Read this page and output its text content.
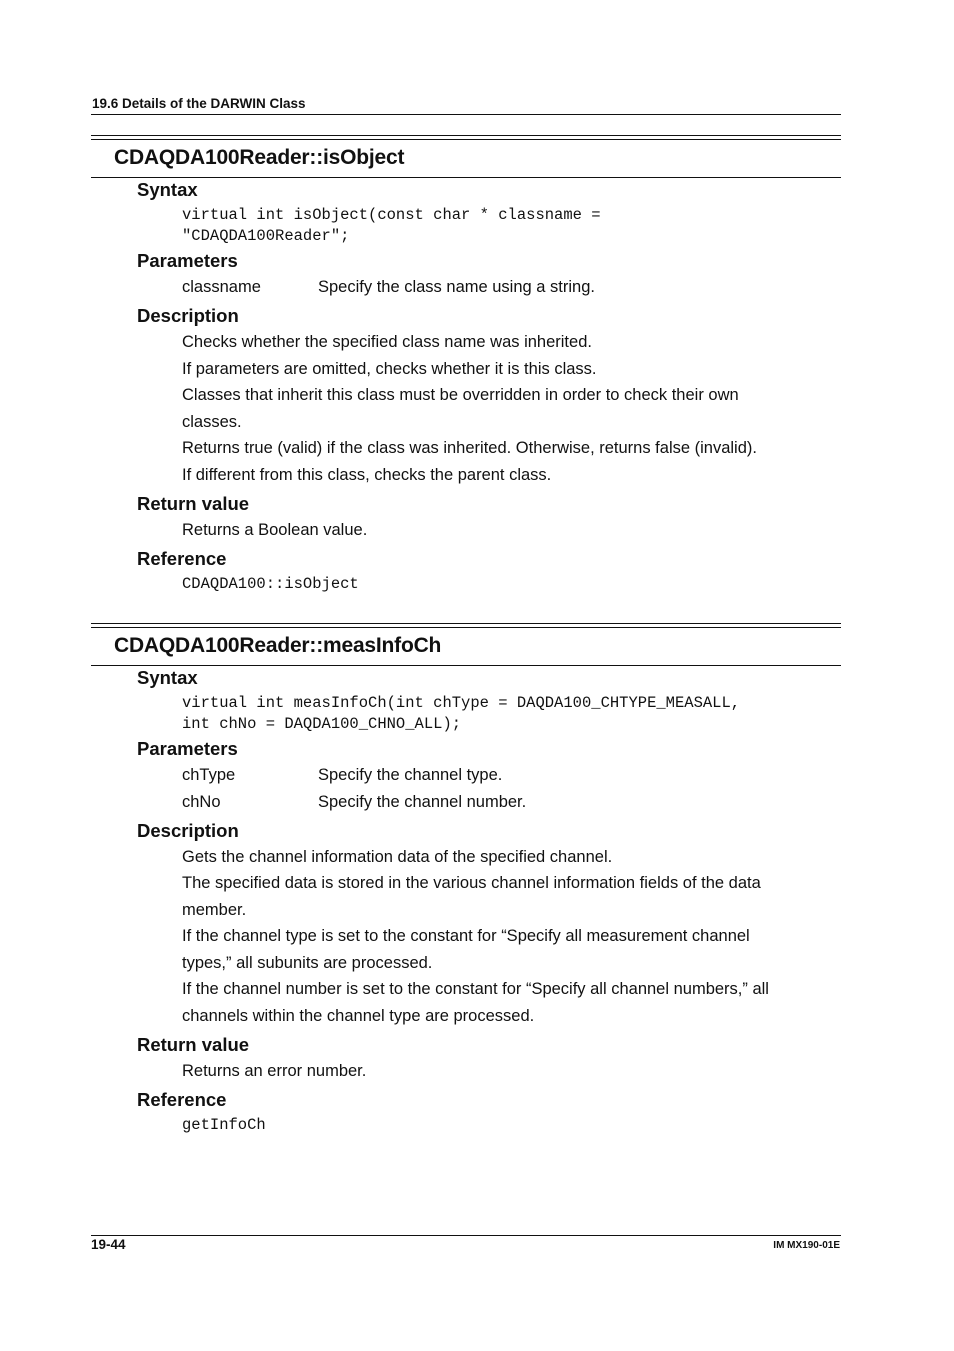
19.6 Details of the DARWIN Class
CDAQDA100Reader::isObject
Syntax
virtual int isObject(const char * classname =
"CDAQDA100Reader";
Parameters
classname	Specify the class name using a string.
Description
Checks whether the specified class name was inherited.
If parameters are omitted, checks whether it is this class.
Classes that inherit this class must be overridden in order to check their own
classes.
Returns true (valid) if the class was inherited. Otherwise, returns false (invalid).
If different from this class, checks the parent class.
Return value
Returns a Boolean value.
Reference
CDAQDA100::isObject
CDAQDA100Reader::measInfoCh
Syntax
virtual int measInfoCh(int chType = DAQDA100_CHTYPE_MEASALL,
int chNo = DAQDA100_CHNO_ALL);
Parameters
chType	Specify the channel type.
chNo	Specify the channel number.
Description
Gets the channel information data of the specified channel.
The specified data is stored in the various channel information fields of the data
member.
If the channel type is set to the constant for “Specify all measurement channel
types,” all subunits are processed.
If the channel number is set to the constant for “Specify all channel numbers,” all
channels within the channel type are processed.
Return value
Returns an error number.
Reference
getInfoCh
19-44	IM MX190-01E
